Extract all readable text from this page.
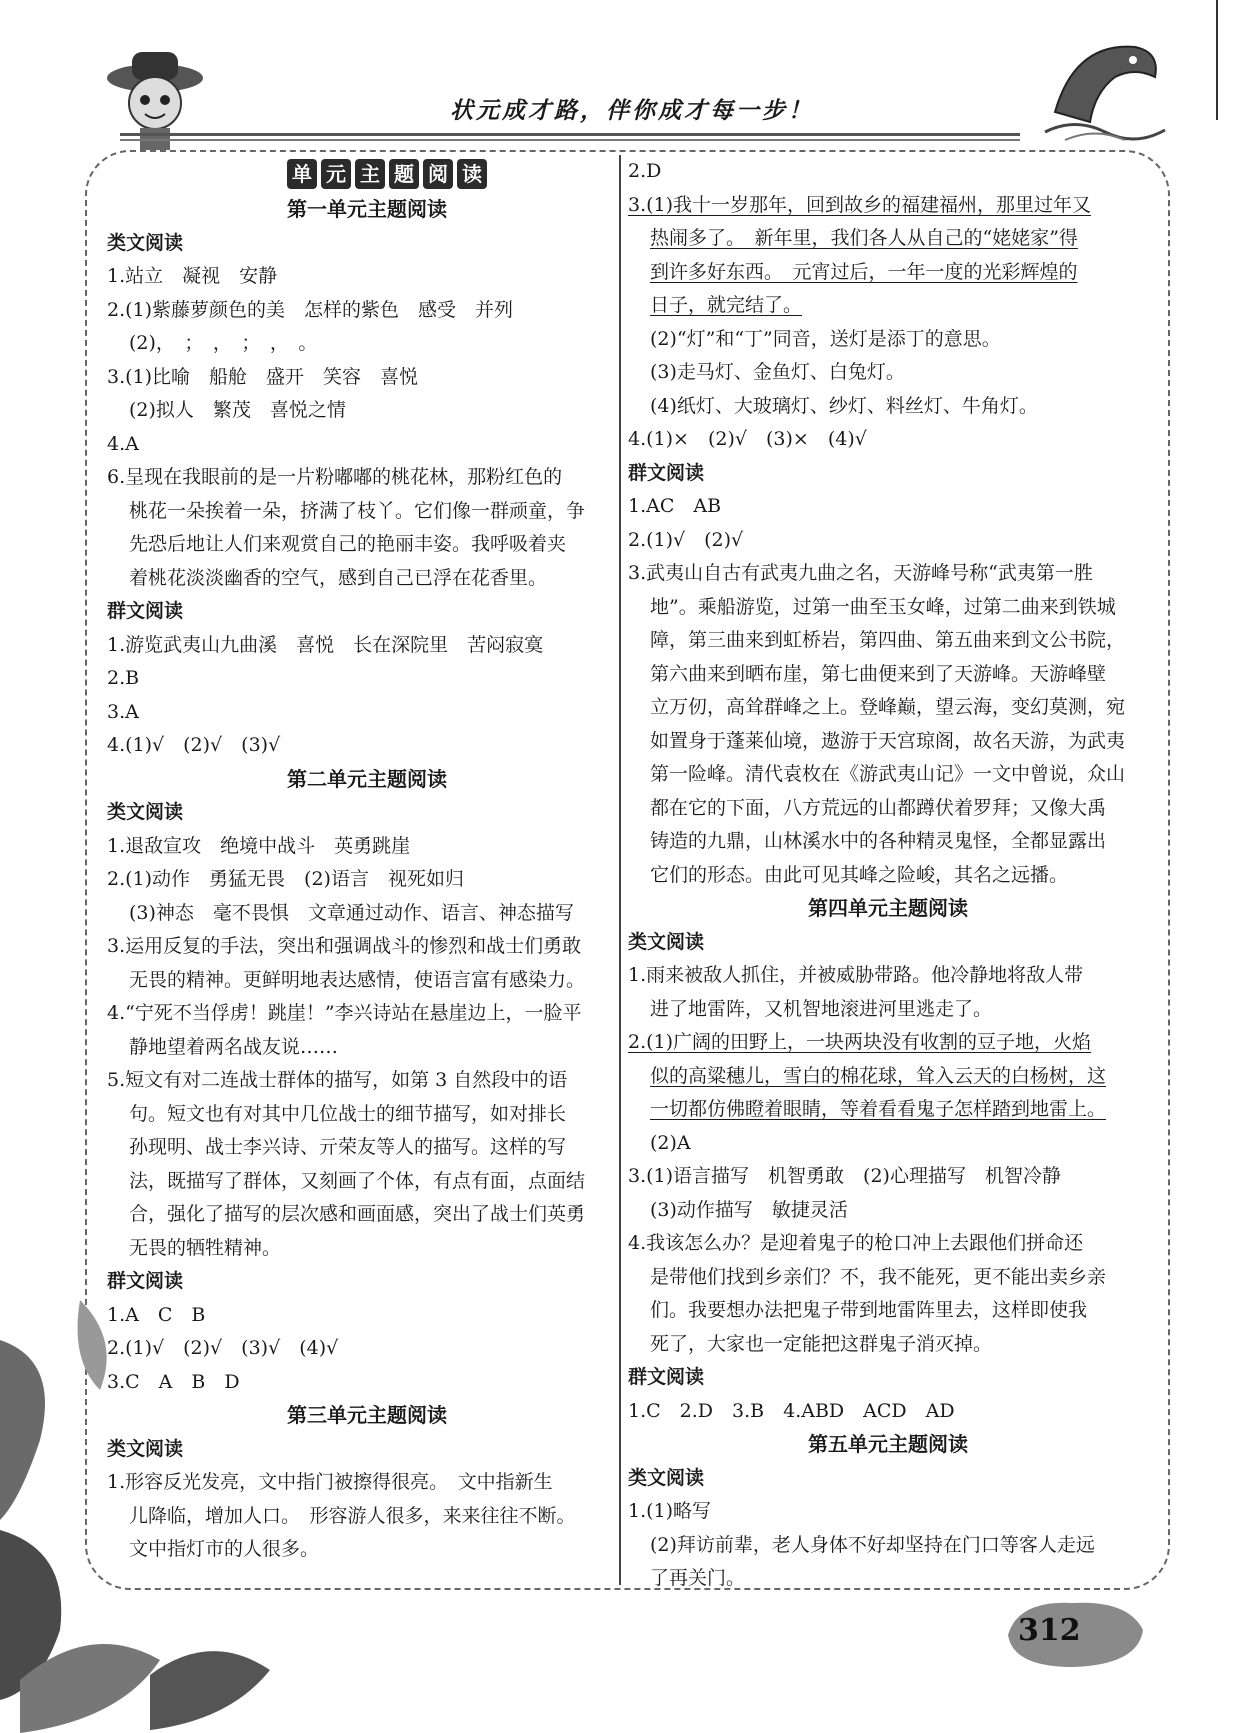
状元成才路，伴你成才每一步！
单 元 主 题 阅 读
第一单元主题阅读
类文阅读
1.站立　凝视　安静
2.(1)紫藤萝颜色的美　怎样的紫色　感受　并列
(2)，　；　，　；　，　。
3.(1)比喻　船舱　盛开　笑容　喜悦
(2)拟人　繁茂　喜悦之情
4.A
6.呈现在我眼前的是一片粉嘟嘟的桃花林，那粉红色的
桃花一朵挨着一朵，挤满了枝丫。它们像一群顽童，争
先恐后地让人们来观赏自己的艳丽丰姿。我呼吸着夹
着桃花淡淡幽香的空气，感到自己已浮在花香里。
群文阅读
1.游览武夷山九曲溪　喜悦　长在深院里　苦闷寂寞
2.B
3.A
4.(1)√　(2)√　(3)√
第二单元主题阅读
类文阅读
1.退敌宣攻　绝境中战斗　英勇跳崖
2.(1)动作　勇猛无畏　(2)语言　视死如归
(3)神态　毫不畏惧　文章通过动作、语言、神态描写
3.运用反复的手法，突出和强调战斗的惨烈和战士们勇敢
无畏的精神。更鲜明地表达感情，使语言富有感染力。
4.“宁死不当俘虏！跳崖！”李兴诗站在悬崖边上，一脸平
静地望着两名战友说……
5.短文有对二连战士群体的描写，如第 3 自然段中的语
句。短文也有对其中几位战士的细节描写，如对排长
孙现明、战士李兴诗、亓荣友等人的描写。这样的写
法，既描写了群体，又刻画了个体，有点有面，点面结
合，强化了描写的层次感和画面感，突出了战士们英勇
无畏的牺牲精神。
群文阅读
1.A　C　B
2.(1)√　(2)√　(3)√　(4)√
3.C　A　B　D
第三单元主题阅读
类文阅读
1.形容反光发亮，文中指门被擦得很亮。　文中指新生
儿降临，增加人口。　形容游人很多，来来往往不断。
文中指灯市的人很多。
2.D
3.(1)我十一岁那年，回到故乡的福建福州，那里过年又
热闹多了。　新年里，我们各人从自己的“姥姥家”得
到许多好东西。　元宵过后，一年一度的光彩辉煌的
日子，就完结了。
(2)“灯”和“丁”同音，送灯是添丁的意思。
(3)走马灯、金鱼灯、白兔灯。
(4)纸灯、大玻璃灯、纱灯、料丝灯、牛角灯。
4.(1)×　(2)√　(3)×　(4)√
群文阅读
1.AC　AB
2.(1)√　(2)√
3.武夷山自古有武夷九曲之名，天游峰号称“武夷第一胜
地”。乘船游览，过第一曲至玉女峰，过第二曲来到铁城
障，第三曲来到虹桥岩，第四曲、第五曲来到文公书院，
第六曲来到晒布崖，第七曲便来到了天游峰。天游峰壁
立万仞，高耸群峰之上。登峰巅，望云海，变幻莫测，宛
如置身于蓬莱仙境，遨游于天宫琼阁，故名天游，为武夷
第一险峰。清代袁枚在《游武夷山记》一文中曾说，众山
都在它的下面，八方荒远的山都蹲伏着罗拜；又像大禹
铸造的九鼎，山林溪水中的各种精灵鬼怪，全都显露出
它们的形态。由此可见其峰之险峻，其名之远播。
第四单元主题阅读
类文阅读
1.雨来被敌人抓住，并被威胁带路。他冷静地将敌人带
进了地雷阵，又机智地滚进河里逃走了。
2.(1)广阔的田野上，一块两块没有收割的豆子地，火焰
似的高粱穗儿，雪白的棉花球，耸入云天的白杨树，这
一切都仿佛瞪着眼睛，等着看看鬼子怎样踏到地雷上。
(2)A
3.(1)语言描写　机智勇敢　(2)心理描写　机智冷静
(3)动作描写　敏捷灵活
4.我该怎么办？是迎着鬼子的枪口冲上去跟他们拼命还
是带他们找到乡亲们？不，我不能死，更不能出卖乡亲
们。我要想办法把鬼子带到地雷阵里去，这样即使我
死了，大家也一定能把这群鬼子消灭掉。
群文阅读
1.C　2.D　3.B　4.ABD　ACD　AD
第五单元主题阅读
类文阅读
1.(1)略写
(2)拜访前辈，老人身体不好却坚持在门口等客人走远
了再关门。
312
